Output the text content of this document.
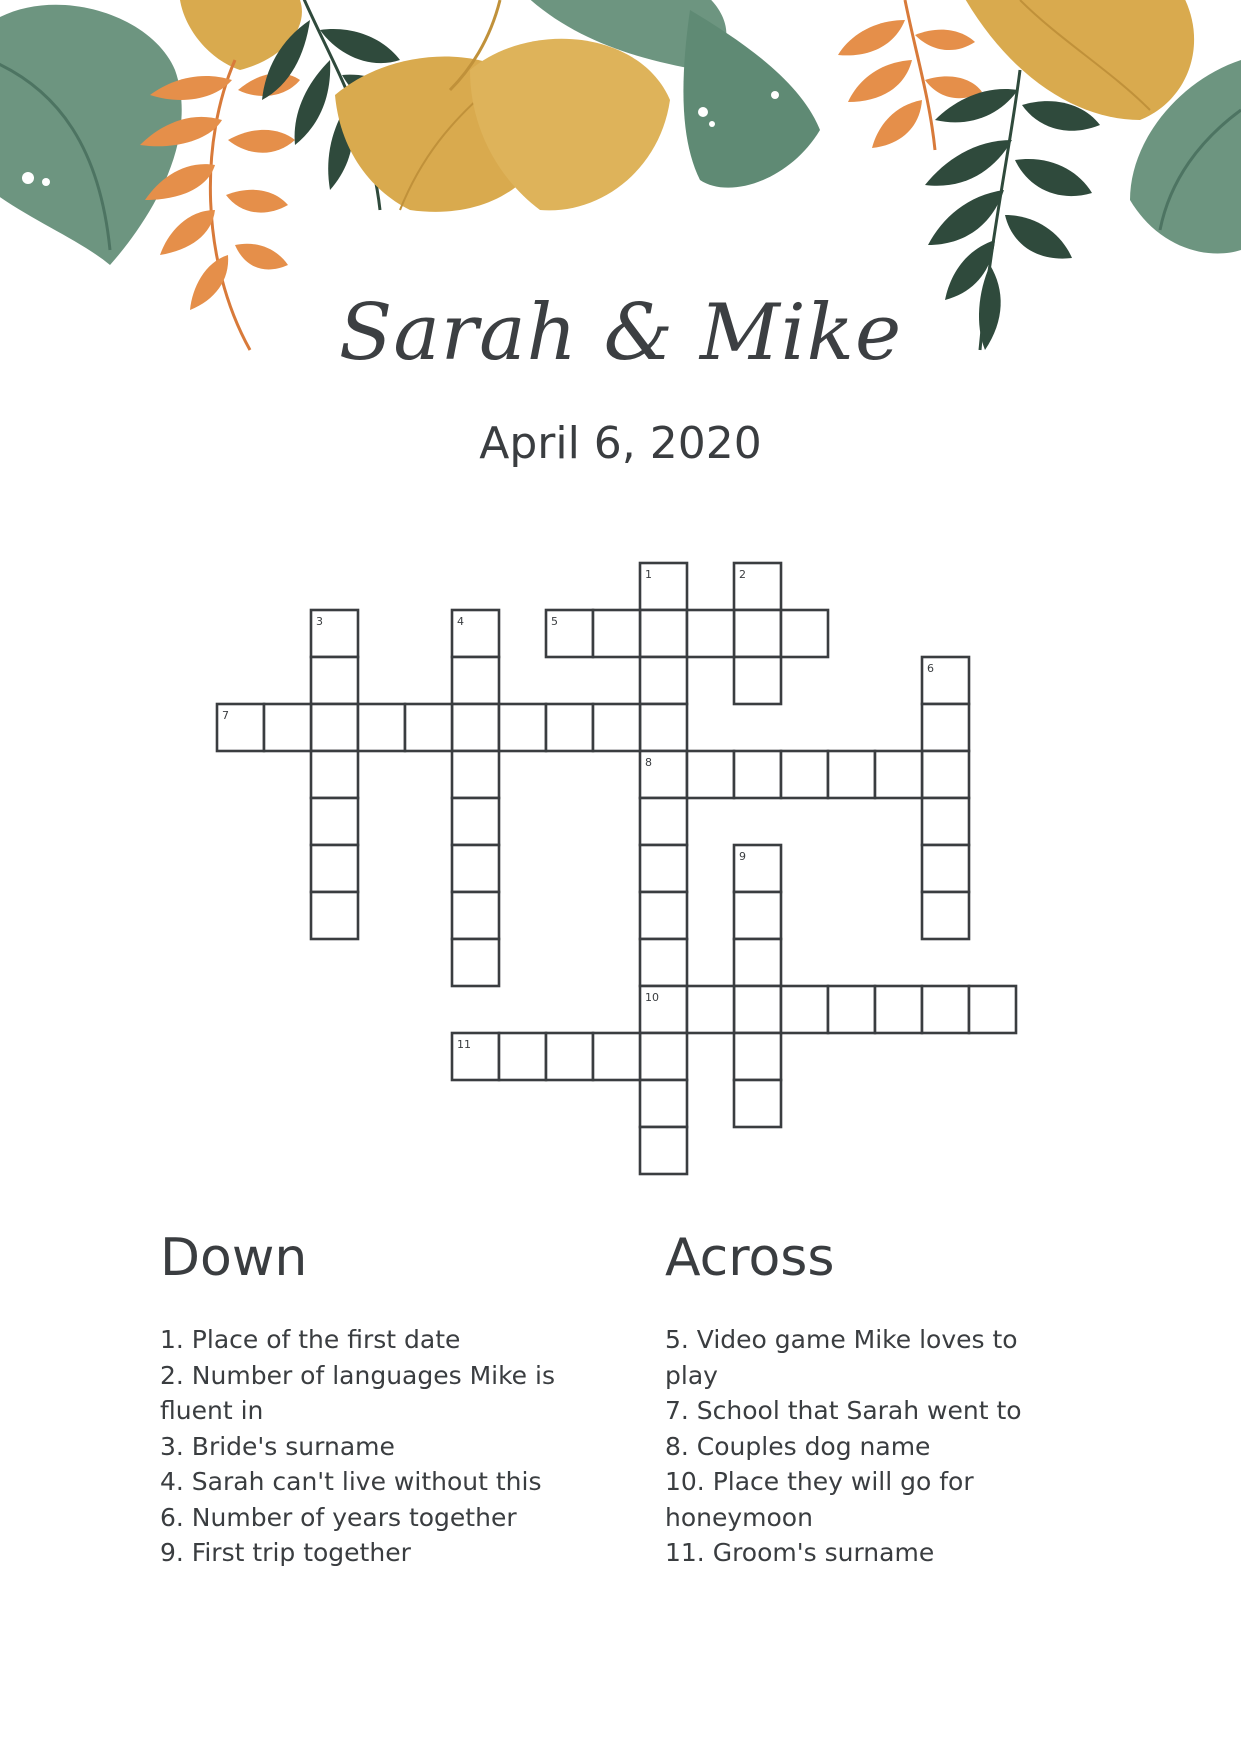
Sarah & Mike
April 6, 2020
1	2
3	4	5
6
7
8
9
10
11
Down
1. Place of the first date
2. Number of languages Mike is fluent in
3. Bride's surname
4. Sarah can't live without this
6. Number of years together
9. First trip together
Across
5. Video game Mike loves to play
7. School that Sarah went to
8. Couples dog name
10. Place they will go for honeymoon
11. Groom's surname
